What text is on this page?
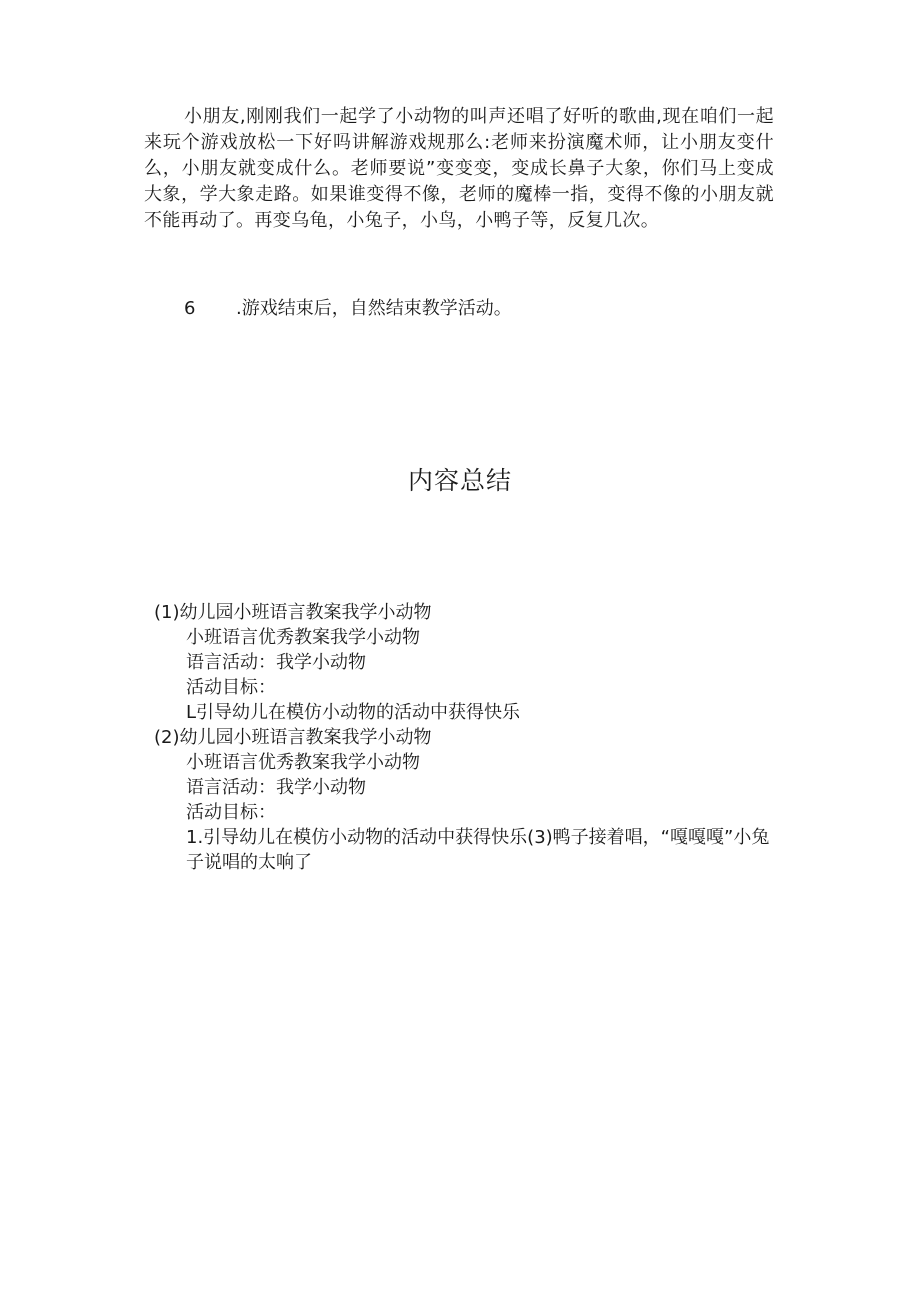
小朋友,刚刚我们一起学了小动物的叫声还唱了好听的歌曲,现在咱们一起来玩个游戏放松一下好吗讲解游戏规那么:老师来扮演魔术师，让小朋友变什么，小朋友就变成什么。老师要说”变变变，变成长鼻子大象，你们马上变成大象，学大象走路。如果谁变得不像，老师的魔棒一指，变得不像的小朋友就不能再动了。再变乌龟，小兔子，小鸟，小鸭子等，反复几次。

6 .游戏结束后，自然结束教学活动。

内容总结
(1)幼儿园小班语言教案我学小动物
小班语言优秀教案我学小动物
语言活动：我学小动物
活动目标：
L引导幼儿在模仿小动物的活动中获得快乐
(2)幼儿园小班语言教案我学小动物
小班语言优秀教案我学小动物
语言活动：我学小动物
活动目标：
1.引导幼儿在模仿小动物的活动中获得快乐(3)鸭子接着唱，“嘎嘎嘎”小兔子说唱的太响了
